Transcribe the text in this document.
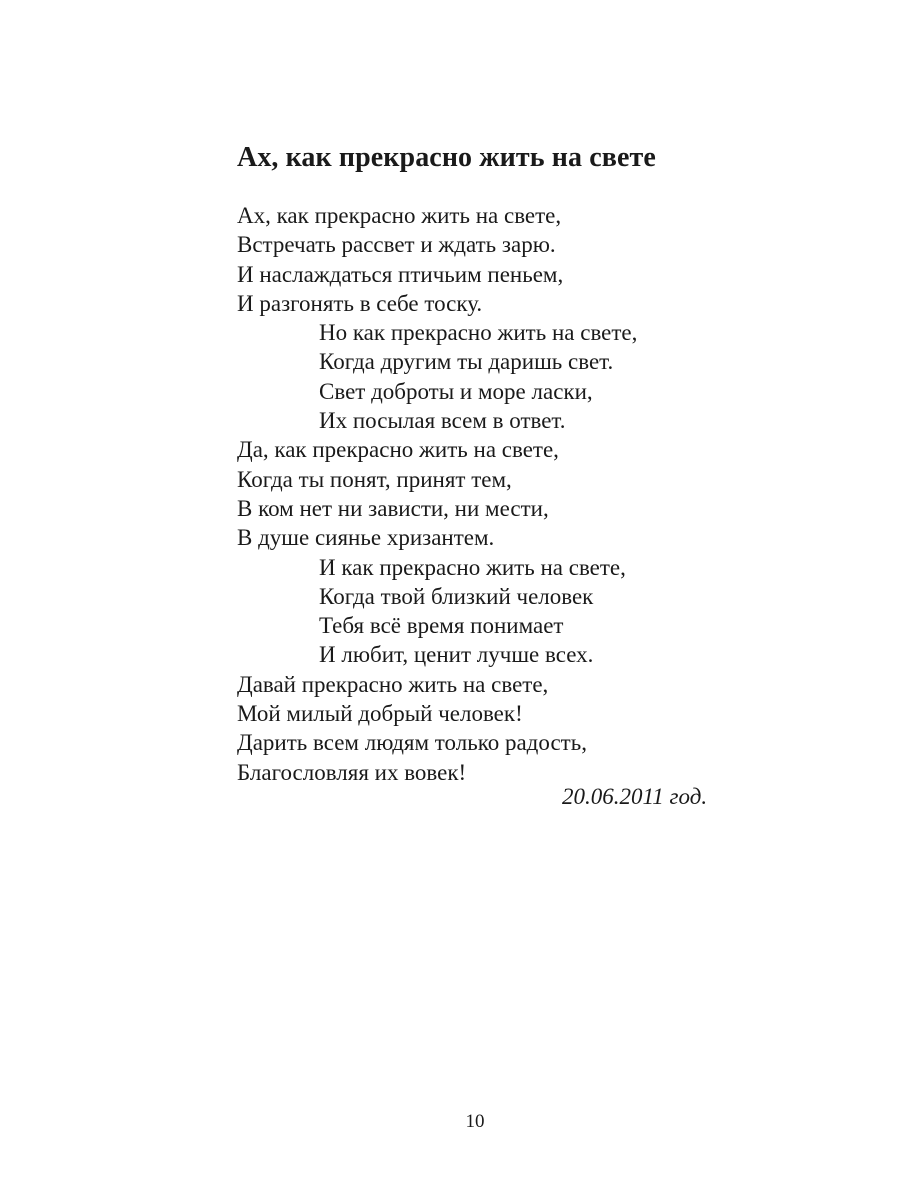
Ах, как прекрасно жить на свете
Ах, как прекрасно жить на свете,
Встречать рассвет и ждать зарю.
И наслаждаться птичьим пеньем,
И разгонять в себе тоску.
Но как прекрасно жить на свете,
Когда другим ты даришь свет.
Свет доброты и море ласки,
Их посылая всем в ответ.
Да, как прекрасно жить на свете,
Когда ты понят, принят тем,
В ком нет ни зависти, ни мести,
В душе сиянье хризантем.
И как прекрасно жить на свете,
Когда твой близкий человек
Тебя всё время понимает
И любит, ценит лучше всех.
Давай прекрасно жить на свете,
Мой милый добрый человек!
Дарить всем людям только радость,
Благословляя их вовек!
20.06.2011 год.
10
